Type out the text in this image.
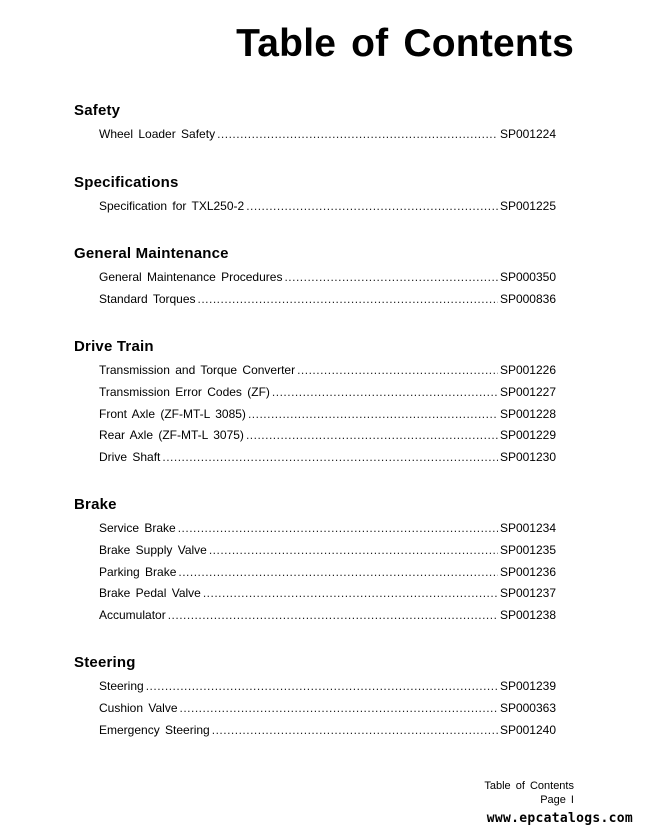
Table of Contents
Safety
Wheel Loader Safety .....	SP001224
Specifications
Specification for TXL250-2 .....	SP001225
General Maintenance
General Maintenance Procedures .....	SP000350
Standard Torques .....	SP000836
Drive Train
Transmission and Torque Converter .....	SP001226
Transmission Error Codes (ZF) .....	SP001227
Front Axle (ZF-MT-L 3085) .....	SP001228
Rear Axle (ZF-MT-L 3075) .....	SP001229
Drive Shaft .....	SP001230
Brake
Service Brake .....	SP001234
Brake Supply Valve .....	SP001235
Parking Brake .....	SP001236
Brake Pedal Valve .....	SP001237
Accumulator .....	SP001238
Steering
Steering .....	SP001239
Cushion Valve .....	SP000363
Emergency Steering .....	SP001240
Table of Contents
Page I
www.epcatalogs.com
